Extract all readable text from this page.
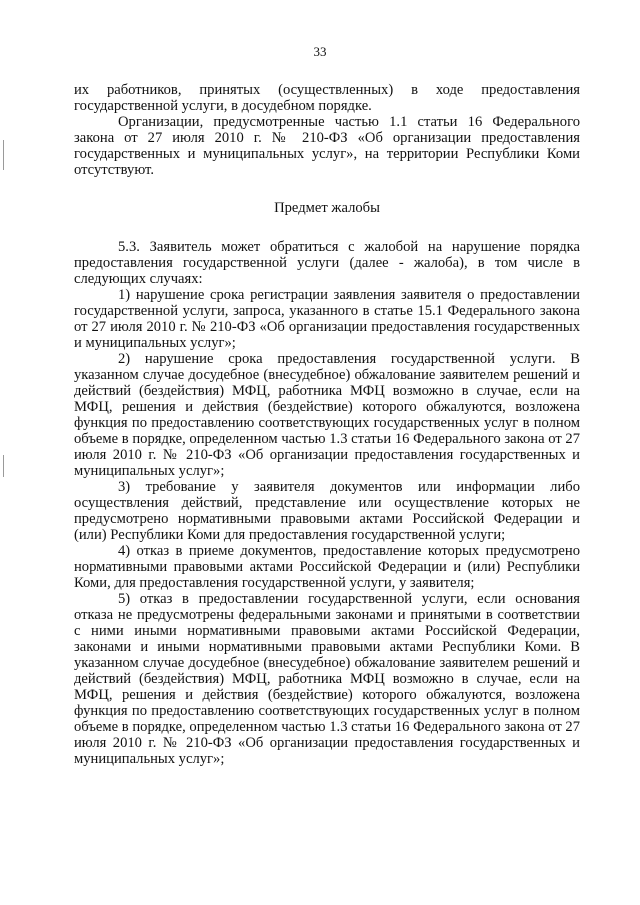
33

их работников, принятых (осуществленных) в ходе предоставления государственной услуги, в досудебном порядке.

Организации, предусмотренные частью 1.1 статьи 16 Федерального закона от 27 июля 2010 г. № 210-ФЗ «Об организации предоставления государственных и муниципальных услуг», на территории Республики Коми отсутствуют.

Предмет жалобы

5.3. Заявитель может обратиться с жалобой на нарушение порядка предоставления государственной услуги (далее - жалоба), в том числе в следующих случаях:

1) нарушение срока регистрации заявления заявителя о предоставлении государственной услуги, запроса, указанного в статье 15.1 Федерального закона от 27 июля 2010 г. № 210-ФЗ «Об организации предоставления государственных и муниципальных услуг»;

2) нарушение срока предоставления государственной услуги. В указанном случае досудебное (внесудебное) обжалование заявителем решений и действий (бездействия) МФЦ, работника МФЦ возможно в случае, если на МФЦ, решения и действия (бездействие) которого обжалуются, возложена функция по предоставлению соответствующих государственных услуг в полном объеме в порядке, определенном частью 1.3 статьи 16 Федерального закона от 27 июля 2010 г. № 210-ФЗ «Об организации предоставления государственных и муниципальных услуг»;

3) требование у заявителя документов или информации либо осуществления действий, представление или осуществление которых не предусмотрено нормативными правовыми актами Российской Федерации и (или) Республики Коми для предоставления государственной услуги;

4) отказ в приеме документов, предоставление которых предусмотрено нормативными правовыми актами Российской Федерации и (или) Республики Коми, для предоставления государственной услуги, у заявителя;

5) отказ в предоставлении государственной услуги, если основания отказа не предусмотрены федеральными законами и принятыми в соответствии с ними иными нормативными правовыми актами Российской Федерации, законами и иными нормативными правовыми актами Республики Коми. В указанном случае досудебное (внесудебное) обжалование заявителем решений и действий (бездействия) МФЦ, работника МФЦ возможно в случае, если на МФЦ, решения и действия (бездействие) которого обжалуются, возложена функция по предоставлению соответствующих государственных услуг в полном объеме в порядке, определенном частью 1.3 статьи 16 Федерального закона от 27 июля 2010 г. № 210-ФЗ «Об организации предоставления государственных и муниципальных услуг»;
